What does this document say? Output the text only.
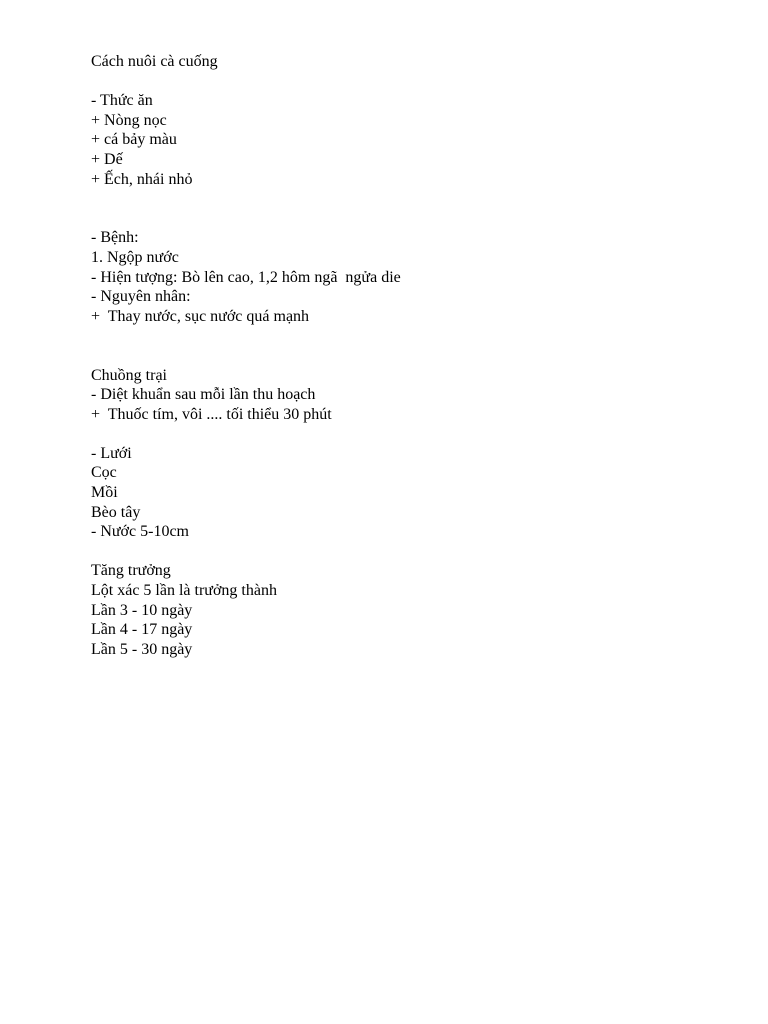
Cách nuôi cà cuống
- Thức ăn
+ Nòng nọc
+ cá bảy màu
+ Dế
+ Ếch, nhái nhỏ
- Bệnh:
1. Ngộp nước
- Hiện tượng: Bò lên cao, 1,2 hôm ngã  ngửa die
- Nguyên nhân:
+  Thay nước, sục nước quá mạnh
Chuồng trại
- Diệt khuẩn sau mỗi lần thu hoạch
+  Thuốc tím, vôi .... tối thiểu 30 phút
- Lưới
Cọc
Mồi
Bèo tây
- Nước 5-10cm
Tăng trưởng
Lột xác 5 lần là trưởng thành
Lần 3 - 10 ngày
Lần 4 - 17 ngày
Lần 5 - 30 ngày
